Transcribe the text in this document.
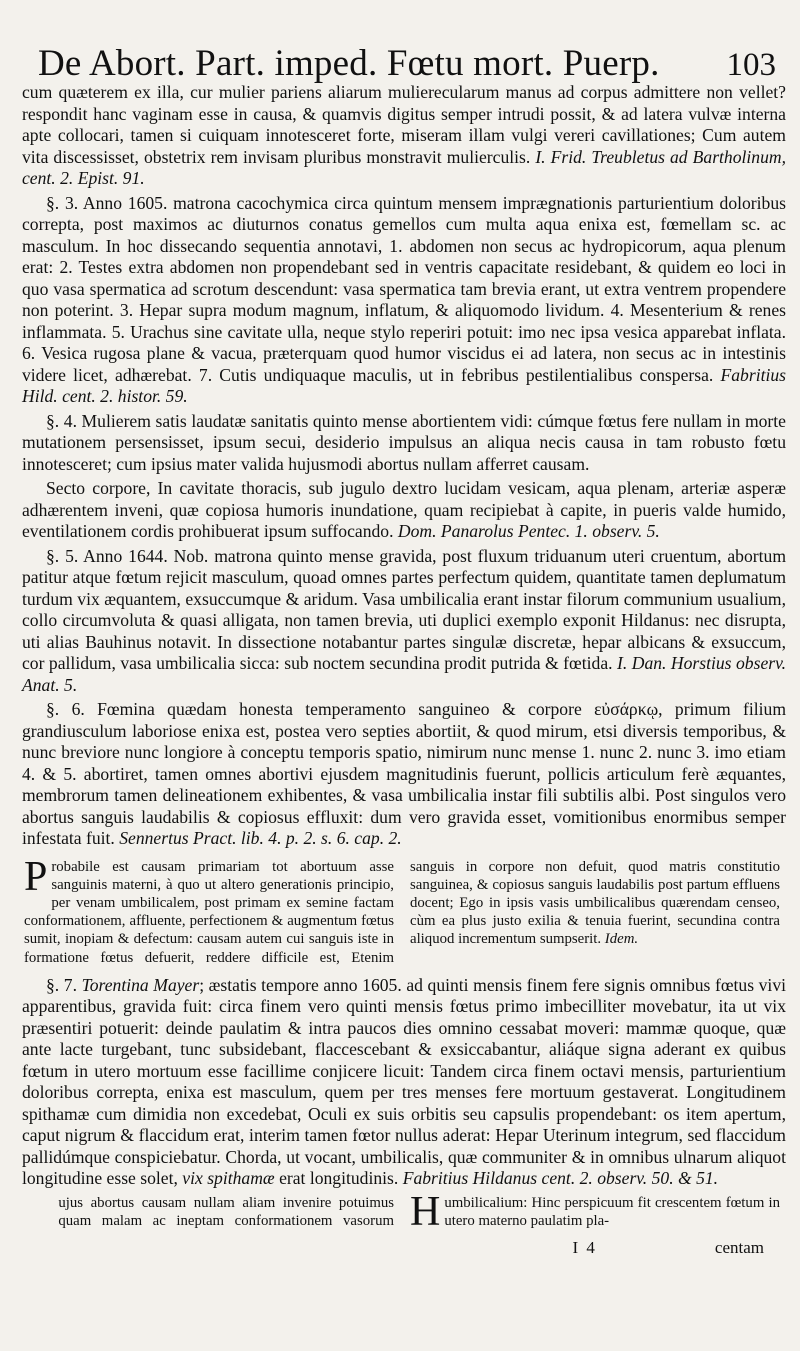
De Abort. Part. imped. Fœtu mort. Puerp. 103

cum quæterem ex illa, cur mulier pariens aliarum mulierecularum manus ad corpus admittere non vellet? respondit hanc vaginam esse in causa, & quamvis digitus semper intrudi possit, & ad latera vulvæ interna apte collocari, tamen si cuiquam innotesceret forte, miseram illam vulgi vereri cavillationes; Cum autem vita discessisset, obstetrix rem invisam pluribus monstravit mulierculis. I. Frid. Treubletus ad Bartholinum, cent. 2. Epist. 91.

§. 3. Anno 1605. matrona cacochymica circa quintum mensem imprægnationis parturientium doloribus correpta, post maximos ac diuturnos conatus gemellos cum multa aqua enixa est, fœmellam sc. ac masculum. In hoc dissecando sequentia annotavi, 1. abdomen non secus ac hydropicorum, aqua plenum erat: 2. Testes extra abdomen non propendebant sed in ventris capacitate residebant, & quidem eo loci in quo vasa spermatica ad scrotum descendunt: vasa spermatica tam brevia erant, ut extra ventrem propendere non poterint. 3. Hepar supra modum magnum, inflatum, & aliquomodo lividum. 4. Mesenterium & renes inflammata. 5. Urachus sine cavitate ulla, neque stylo reperiri potuit: imo nec ipsa vesica apparebat inflata. 6. Vesica rugosa plane & vacua, præterquam quod humor viscidus ei ad latera, non secus ac in intestinis videre licet, adhærebat. 7. Cutis undiquaque maculis, ut in febribus pestilentialibus conspersa. Fabritius Hild. cent. 2. histor. 59.

§. 4. Mulierem satis laudatæ sanitatis quinto mense abortientem vidi: cúmque fœtus fere nullam in morte mutationem persensisset, ipsum secui, desiderio impulsus an aliqua necis causa in tam robusto fœtu innotesceret; cum ipsius mater valida hujusmodi abortus nullam afferret causam.

Secto corpore, In cavitate thoracis, sub jugulo dextro lucidam vesicam, aqua plenam, arteriæ asperæ adhærentem inveni, quæ copiosa humoris inundatione, quam recipiebat à capite, in pueris valde humido, eventilationem cordis prohibuerat ipsum suffocando. Dom. Panarolus Pentec. 1. observ. 5.

§. 5. Anno 1644. Nob. matrona quinto mense gravida, post fluxum triduanum uteri cruentum, abortum patitur atque fœtum rejicit masculum, quoad omnes partes perfectum quidem, quantitate tamen deplumatum turdum vix æquantem, exsuccumque & aridum. Vasa umbilicalia erant instar filorum communium usualium, collo circumvoluta & quasi alligata, non tamen brevia, uti duplici exemplo exponit Hildanus: nec disrupta, uti alias Bauhinus notavit. In dissectione notabantur partes singulæ discretæ, hepar albicans & exsuccum, cor pallidum, vasa umbilicalia sicca: sub noctem secundina prodit putrida & fœtida. I. Dan. Horstius observ. Anat. 5.

§. 6. Fœmina quædam honesta temperamento sanguineo & corpore εὐσάρκῳ, primum filium grandiusculum laboriose enixa est, postea vero septies abortiit, & quod mirum, etsi diversis temporibus, & nunc breviore nunc longiore à conceptu temporis spatio, nimirum nunc mense 1. nunc 2. nunc 3. imo etiam 4. & 5. abortiret, tamen omnes abortivi ejusdem magnitudinis fuerunt, pollicis articulum ferè æquantes, membrorum tamen delineationem exhibentes, & vasa umbilicalia instar fili subtilis albi. Post singulos vero abortus sanguis laudabilis & copiosus effluxit: dum vero gravida esset, vomitionibus enormibus semper infestata fuit. Sennertus Pract. lib. 4. p. 2. s. 6. cap. 2.

Probabile est causam primariam tot abortuum asse sanguinis materni, à quo ut altero generationis principio, per venam umbilicalem, post primam ex semine factam conformationem, affluente, perfectionem & augmentum fœtus sumit, inopiam & defectum: causam autem cui sanguis iste in formatione fœtus defuerit, reddere difficile est, Etenim sanguis in corpore non defuit, quod matris constitutio sanguinea, & copiosus sanguis laudabilis post partum effluens docent; Ego in ipsis vasis umbilicalibus quærendam censeo, cùm ea plus justo exilia & tenuia fuerint, secundina contra aliquod incrementum sumpserit. Idem.

§. 7. Torentina Mayer; æstatis tempore anno 1605. ad quinti mensis finem fere signis omnibus fœtus vivi apparentibus, gravida fuit: circa finem vero quinti mensis fœtus primo imbecilliter movebatur, ita ut vix præsentiri potuerit: deinde paulatim & intra paucos dies omnino cessabat moveri: mammæ quoque, quæ ante lacte turgebant, tunc subsidebant, flaccescebant & exsiccabantur, aliáque signa aderant ex quibus fœtum in utero mortuum esse facillime conjicere licuit: Tandem circa finem octavi mensis, parturientium doloribus correpta, enixa est masculum, quem per tres menses fere mortuum gestaverat. Longitudinem spithamæ cum dimidia non excedebat, Oculi ex suis orbitis seu capsulis propendebant: os item apertum, caput nigrum & flaccidum erat, interim tamen fœtor nullus aderat: Hepar Uterinum integrum, sed flaccidum pallidúmque conspiciebatur. Chorda, ut vocant, umbilicalis, quæ communiter & in omnibus ulnarum aliquot longitudine esse solet, vix spithamæ erat longitudinis. Fabritius Hildanus cent. 2. observ. 50. & 51.

H
ujus abortus causam nullam aliam invenire potuimus quam malam ac ineptam conformationem vasorum umbilicalium: Hinc perspicuum fit crescentem fœtum in utero materno paulatim pla-

I 4	centam
